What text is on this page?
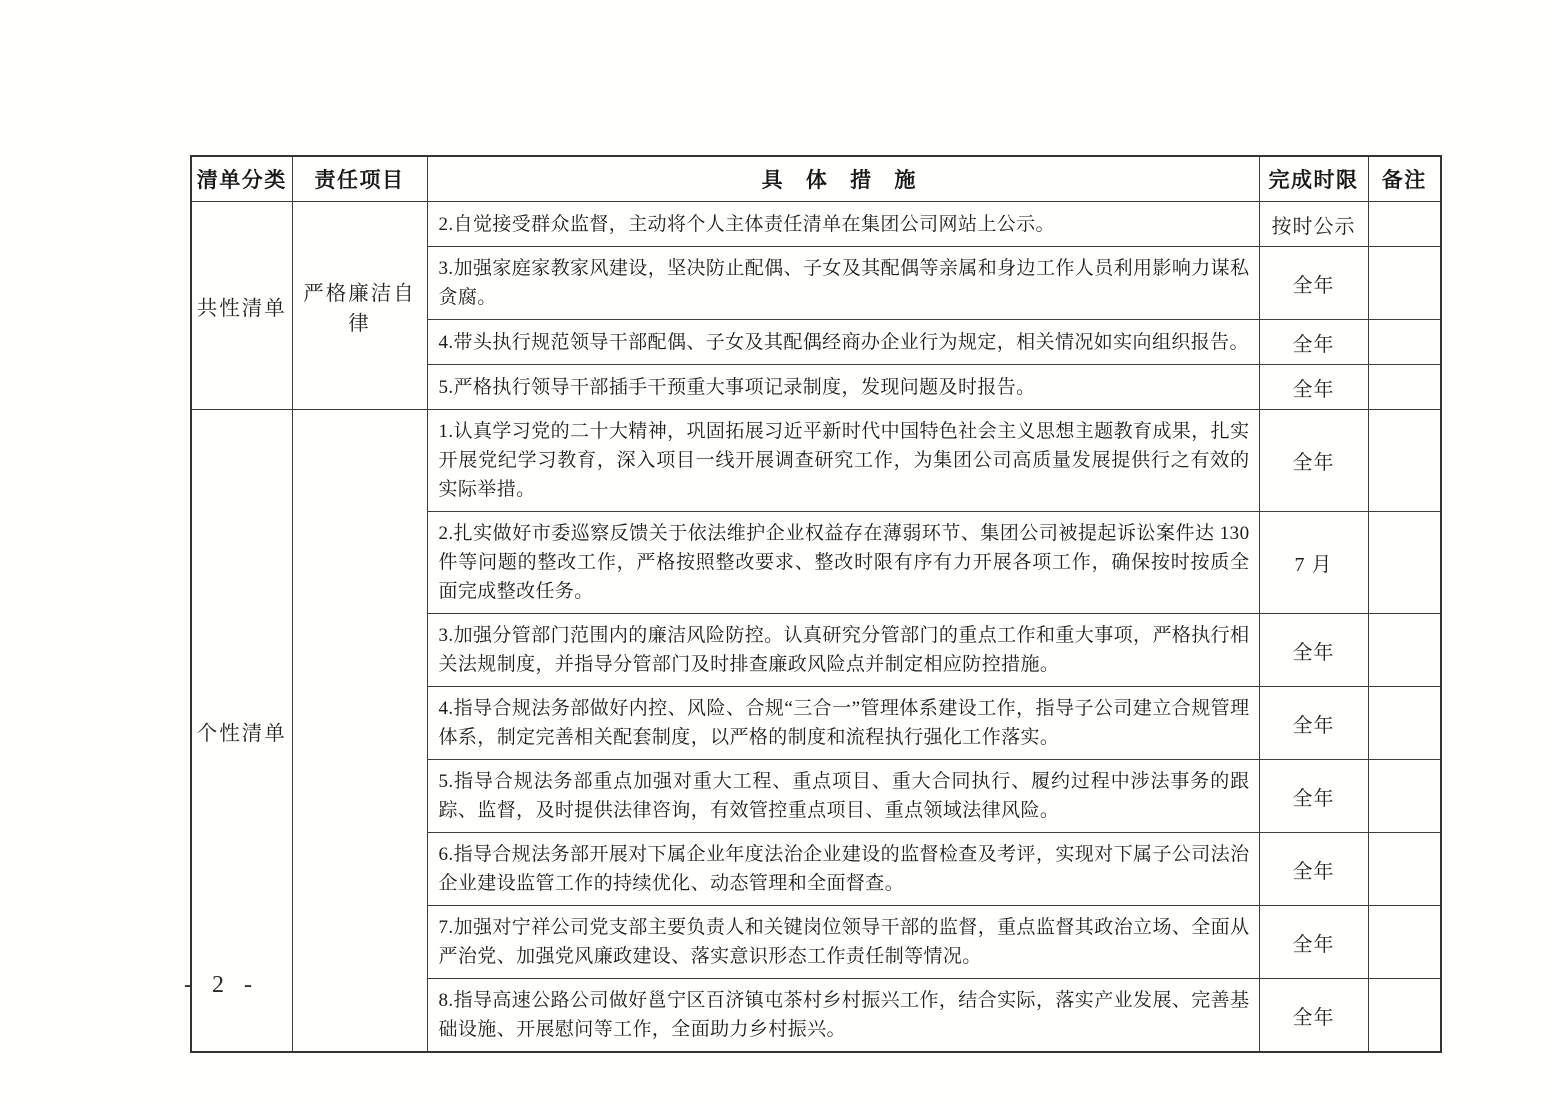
清单分类	责任项目	具 体 措 施	完成时限	备注
共性清单	严格廉洁自律	2.自觉接受群众监督，主动将个人主体责任清单在集团公司网站上公示。	按时公示	
		3.加强家庭家教家风建设，坚决防止配偶、子女及其配偶等亲属和身边工作人员利用影响力谋私贪腐。	全年	
		4.带头执行规范领导干部配偶、子女及其配偶经商办企业行为规定，相关情况如实向组织报告。	全年	
		5.严格执行领导干部插手干预重大事项记录制度，发现问题及时报告。	全年	
个性清单		1.认真学习党的二十大精神，巩固拓展习近平新时代中国特色社会主义思想主题教育成果，扎实开展党纪学习教育，深入项目一线开展调查研究工作，为集团公司高质量发展提供行之有效的实际举措。	全年	
		2.扎实做好市委巡察反馈关于依法维护企业权益存在薄弱环节、集团公司被提起诉讼案件达 130 件等问题的整改工作，严格按照整改要求、整改时限有序有力开展各项工作，确保按时按质全面完成整改任务。	7 月	
		3.加强分管部门范围内的廉洁风险防控。认真研究分管部门的重点工作和重大事项，严格执行相关法规制度，并指导分管部门及时排查廉政风险点并制定相应防控措施。	全年	
		4.指导合规法务部做好内控、风险、合规“三合一”管理体系建设工作，指导子公司建立合规管理体系，制定完善相关配套制度，以严格的制度和流程执行强化工作落实。	全年	
		5.指导合规法务部重点加强对重大工程、重点项目、重大合同执行、履约过程中涉法事务的跟踪、监督，及时提供法律咨询，有效管控重点项目、重点领域法律风险。	全年	
		6.指导合规法务部开展对下属企业年度法治企业建设的监督检查及考评，实现对下属子公司法治企业建设监管工作的持续优化、动态管理和全面督查。	全年	
		7.加强对宁祥公司党支部主要负责人和关键岗位领导干部的监督，重点监督其政治立场、全面从严治党、加强党风廉政建设、落实意识形态工作责任制等情况。	全年	
		8.指导高速公路公司做好邕宁区百济镇屯茶村乡村振兴工作，结合实际，落实产业发展、完善基础设施、开展慰问等工作，全面助力乡村振兴。	全年	
- 2 -
